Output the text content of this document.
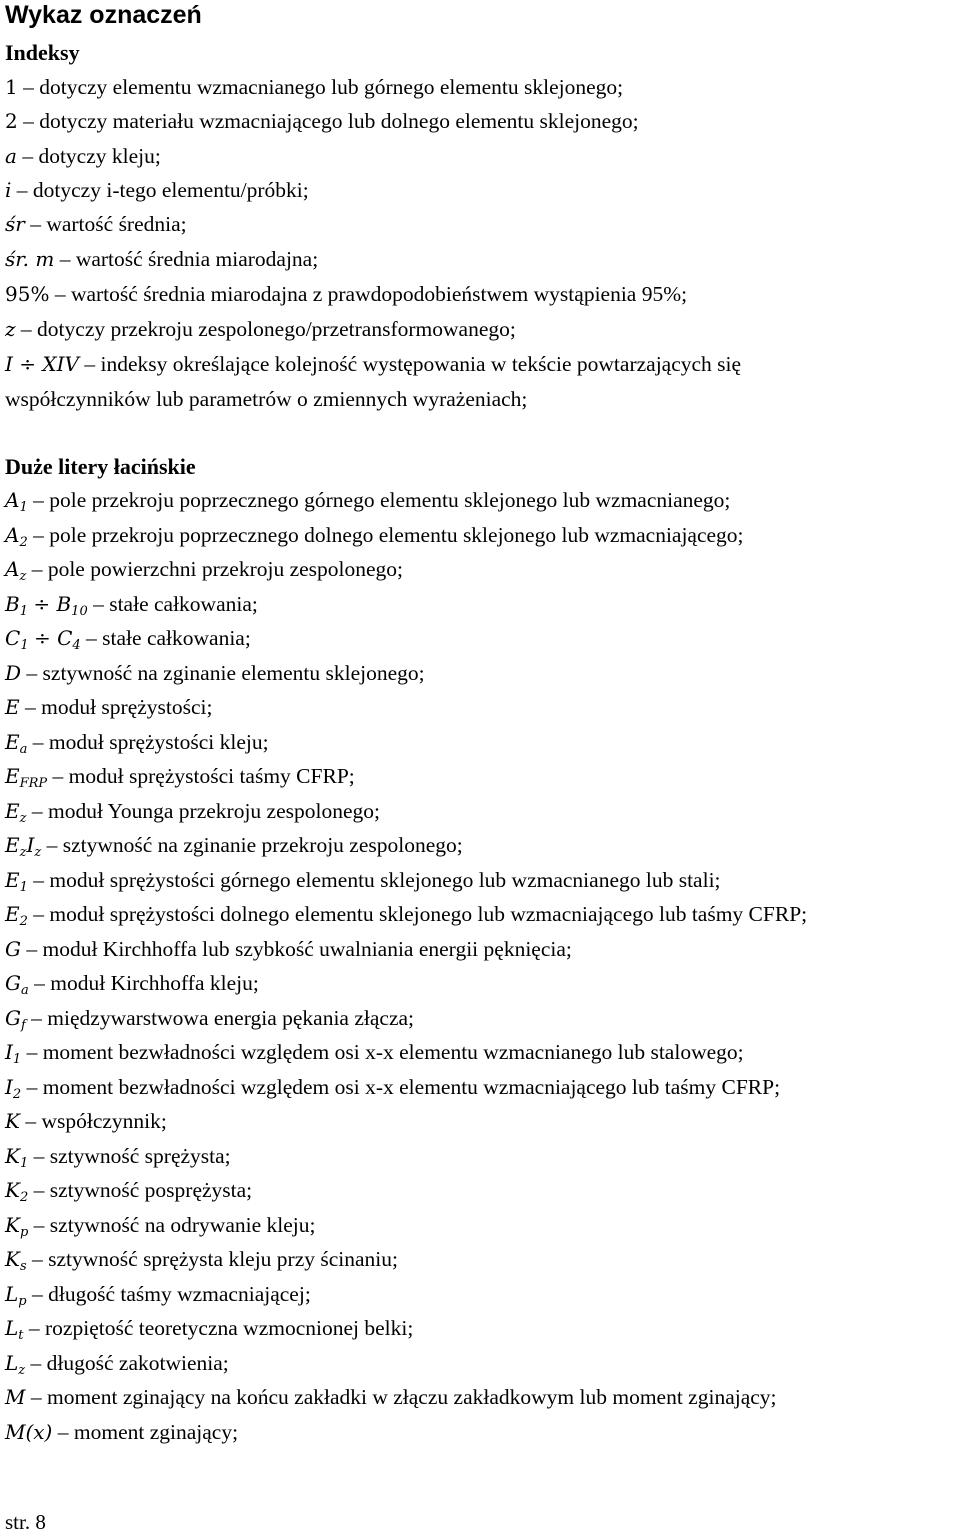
Wykaz oznaczeń
Indeksy
1 – dotyczy elementu wzmacnianego lub górnego elementu sklejonego;
2 – dotyczy materiału wzmacniającego lub dolnego elementu sklejonego;
a – dotyczy kleju;
i – dotyczy i-tego elementu/próbki;
śr – wartość średnia;
śr. m – wartość średnia miarodajna;
95% – wartość średnia miarodajna z prawdopodobieństwem wystąpienia 95%;
z – dotyczy przekroju zespolonego/przetransformowanego;
I ÷ XIV – indeksy określające kolejność występowania w tekście powtarzających się
współczynników lub parametrów o zmiennych wyrażeniach;
Duże litery łacińskie
$A_1$ – pole przekroju poprzecznego górnego elementu sklejonego lub wzmacnianego;
$A_2$ – pole przekroju poprzecznego dolnego elementu sklejonego lub wzmacniającego;
$A_z$ – pole powierzchni przekroju zespolonego;
$B_1 \div B_{10}$ – stałe całkowania;
$C_1 \div C_4$ – stałe całkowania;
D – sztywność na zginanie elementu sklejonego;
E – moduł sprężystości;
$E_a$ – moduł sprężystości kleju;
$E_{FRP}$ – moduł sprężystości taśmy CFRP;
$E_z$ – moduł Younga przekroju zespolonego;
$E_zI_z$ – sztywność na zginanie przekroju zespolonego;
$E_1$ – moduł sprężystości górnego elementu sklejonego lub wzmacnianego lub stali;
$E_2$ – moduł sprężystości dolnego elementu sklejonego lub wzmacniającego lub taśmy CFRP;
G – moduł Kirchhoffa lub szybkość uwalniania energii pęknięcia;
$G_a$ – moduł Kirchhoffa kleju;
$G_f$ – międzywarstwowa energia pękania złącza;
$I_1$ – moment bezwładności względem osi x-x elementu wzmacnianego lub stalowego;
$I_2$ – moment bezwładności względem osi x-x elementu wzmacniającego lub taśmy CFRP;
K – współczynnik;
$K_1$ – sztywność sprężysta;
$K_2$ – sztywność posprężysta;
$K_p$ – sztywność na odrywanie kleju;
$K_s$ – sztywność sprężysta kleju przy ścinaniu;
$L_p$ – długość taśmy wzmacniającej;
$L_t$ – rozpiętość teoretyczna wzmocnionej belki;
$L_z$ – długość zakotwienia;
M – moment zginający na końcu zakładki w złączu zakładkowym lub moment zginający;
M(x) – moment zginający;
str. 8
